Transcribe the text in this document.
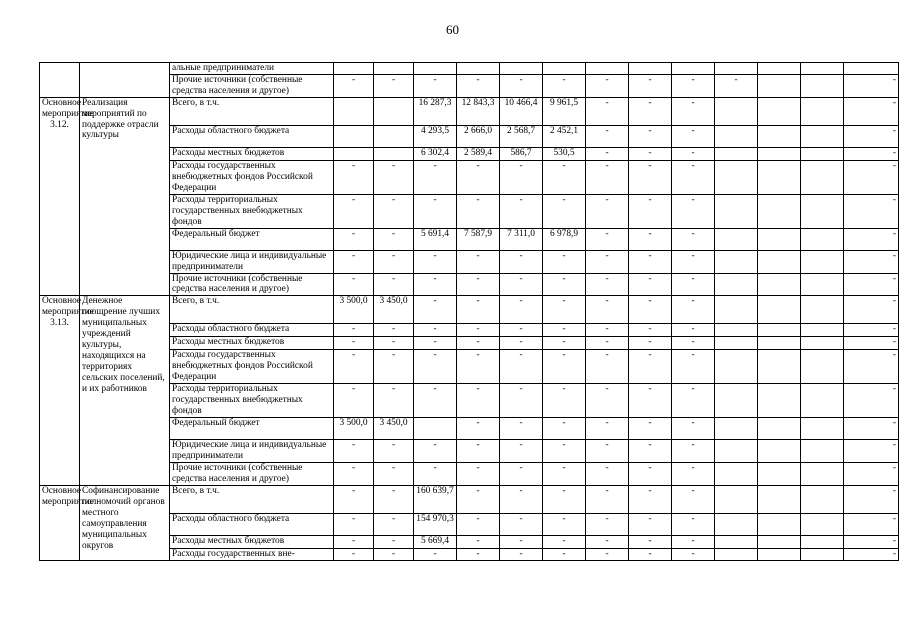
60
		альные предприниматели													
		Прочие источники (собственные средства населения и другое)	-	-	-	-	-	-	-	-	-	-			-
Основное мероприятие 3.12.	Реализация мероприятий по поддержке отрасли культуры	Всего, в т.ч.			16 287,3	12 843,3	10 466,4	9 961,5	-	-	-				-
		Расходы областного бюджета			4 293,5	2 666,0	2 568,7	2 452,1	-	-	-				-
		Расходы местных бюджетов			6 302,4	2 589,4	586,7	530,5	-	-	-				-
		Расходы государственных внебюджетных фондов Российской Федерации	-	-	-	-	-	-	-	-	-				-
		Расходы территориальных государственных внебюджетных фондов	-	-	-	-	-	-	-	-	-				-
		Федеральный бюджет	-	-	5 691,4	7 587,9	7 311,0	6 978,9	-	-	-				-
		Юридические лица и индивидуальные предприниматели	-	-	-	-	-	-	-	-	-				-
		Прочие источники (собственные средства населения и другое)	-	-	-	-	-	-	-	-	-				-
Основное мероприятие 3.13.	Денежное поощрение лучших муниципальных учреждений культуры, находящихся на территориях сельских поселений, и их работников	Всего, в т.ч.	3 500,0	3 450,0	-	-	-	-	-	-	-				-
		Расходы областного бюджета	-	-	-	-	-	-	-	-	-				-
		Расходы местных бюджетов	-	-	-	-	-	-	-	-	-				-
		Расходы государственных внебюджетных фондов Российской Федерации	-	-	-	-	-	-	-	-	-				-
		Расходы территориальных государственных внебюджетных фондов	-	-	-	-	-	-	-	-	-				-
		Федеральный бюджет	3 500,0	3 450,0		-	-	-	-	-	-				-
		Юридические лица и индивидуальные предприниматели	-	-	-	-	-	-	-	-	-				-
		Прочие источники (собственные средства населения и другое)	-	-	-	-	-	-	-	-	-				-
Основное мероприятие	Софинансирование полномочий органов местного самоуправления муниципальных округов	Всего, в т.ч.	-	-	160 639,7	-	-	-	-	-	-				-
		Расходы областного бюджета	-	-	154 970,3	-	-	-	-	-	-				-
		Расходы местных бюджетов	-	-	5 669,4	-	-	-	-	-	-				-
		Расходы государственных вне-	-	-	-	-	-	-	-	-	-				-
